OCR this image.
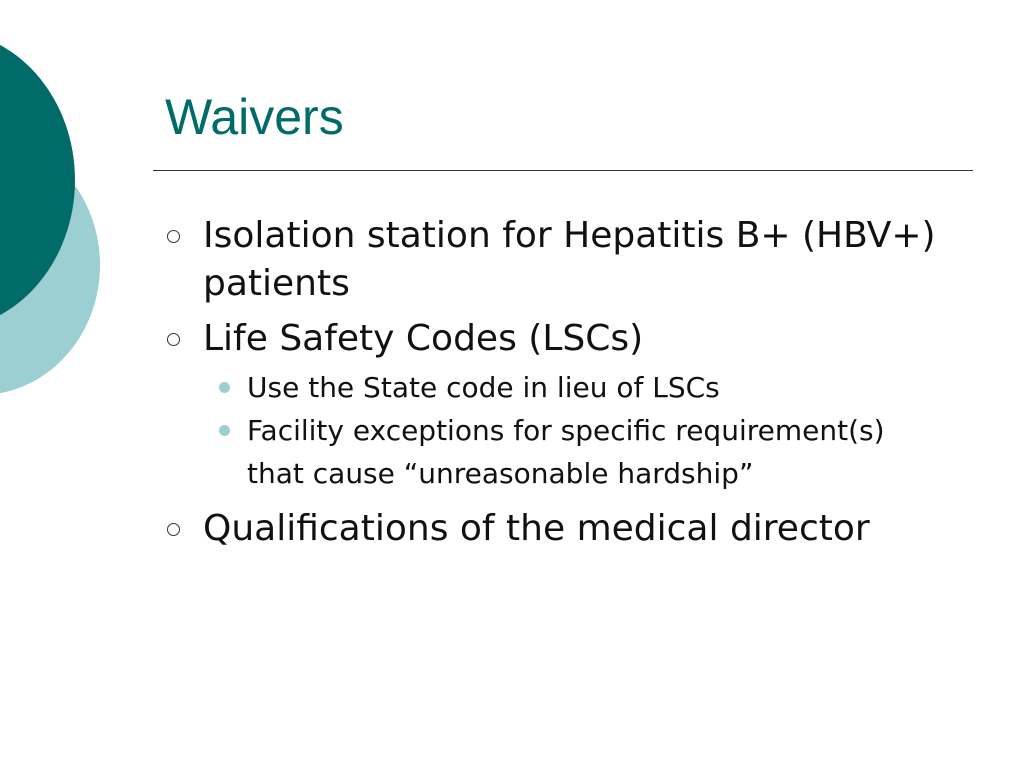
Waivers
Isolation station for Hepatitis B+ (HBV+) patients
Life Safety Codes (LSCs)
Use the State code in lieu of LSCs
Facility exceptions for specific requirement(s) that cause “unreasonable hardship”
Qualifications of the medical director
